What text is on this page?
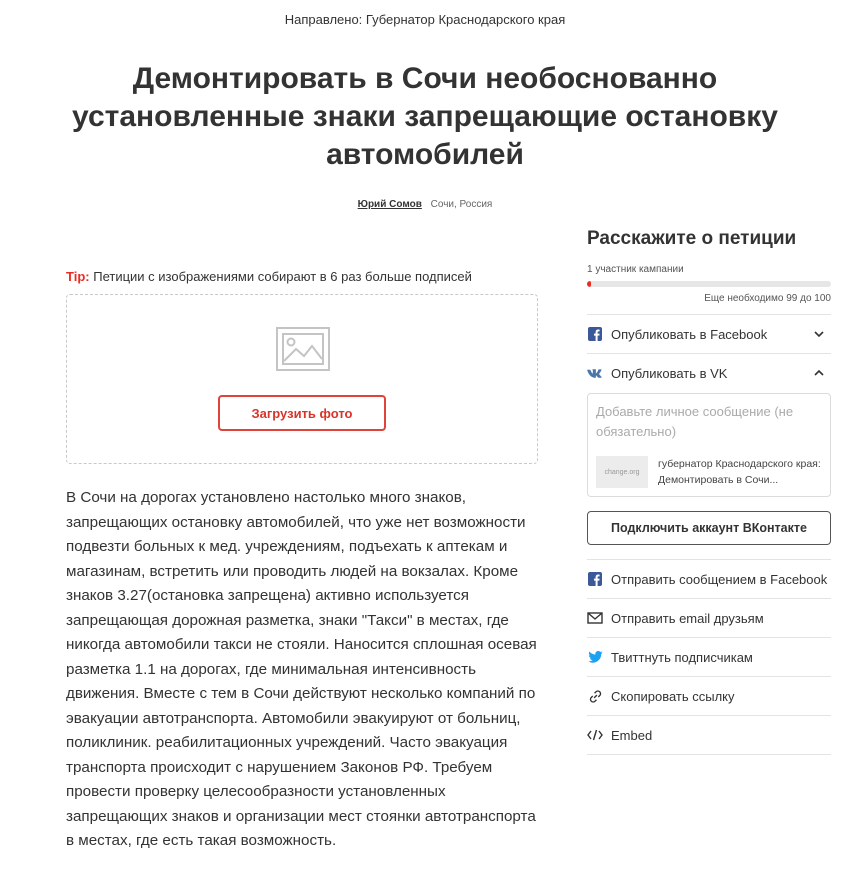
Направлено: Губернатор Краснодарского края
Демонтировать в Сочи необоснованно установленные знаки запрещающие остановку автомобилей
Юрий Сомов Сочи, Россия
Tip: Петиции с изображениями собирают в 6 раз больше подписей
Загрузить фото
В Сочи на дорогах установлено настолько много знаков, запрещающих остановку автомобилей, что уже нет возможности подвезти больных к мед. учреждениям, подъехать к аптекам и магазинам, встретить или проводить людей на вокзалах. Кроме знаков 3.27(остановка запрещена) активно используется запрещающая дорожная разметка, знаки "Такси" в местах, где никогда автомобили такси не стояли. Наносится сплошная осевая разметка 1.1 на дорогах, где минимальная интенсивность движения. Вместе с тем в Сочи действуют несколько компаний по эвакуации автотранспорта. Автомобили эвакуируют от больниц, поликлиник. реабилитационных учреждений. Часто эвакуация транспорта происходит с нарушением Законов РФ. Требуем провести проверку целесообразности установленных запрещающих знаков и организации мест стоянки автотранспорта в местах, где есть такая возможность.
Расскажите о петиции
1 участник кампании
Еще необходимо 99 до 100
Опубликовать в Facebook
Опубликовать в VK
Добавьте личное сообщение (не обязательно)
change.org
губернатор Краснодарского края: Демонтировать в Сочи...
Подключить аккаунт ВКонтакте
Отправить сообщением в Facebook
Отправить email друзьям
Твиттнуть подписчикам
Скопировать ссылку
Embed
